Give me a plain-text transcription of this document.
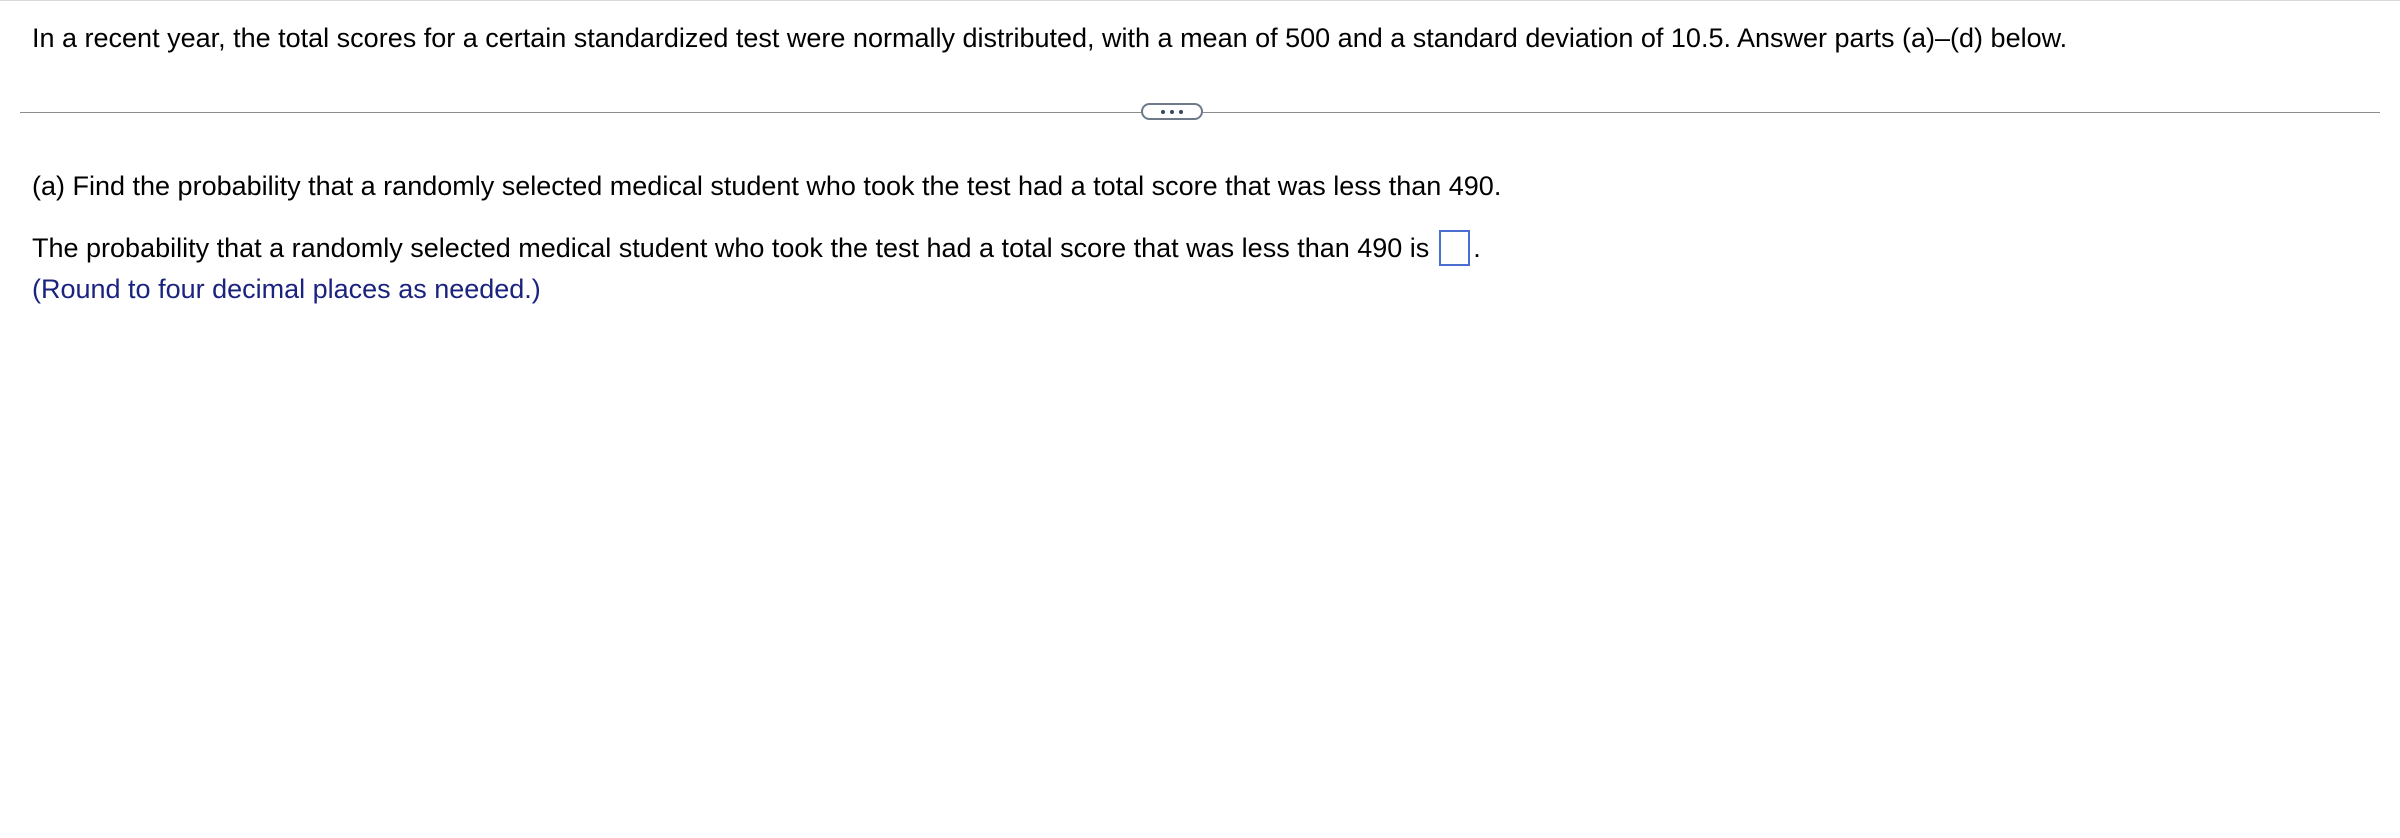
In a recent year, the total scores for a certain standardized test were normally distributed, with a mean of 500 and a standard deviation of 10.5. Answer parts (a)–(d) below.
(a) Find the probability that a randomly selected medical student who took the test had a total score that was less than 490.
The probability that a randomly selected medical student who took the test had a total score that was less than 490 is .
(Round to four decimal places as needed.)
